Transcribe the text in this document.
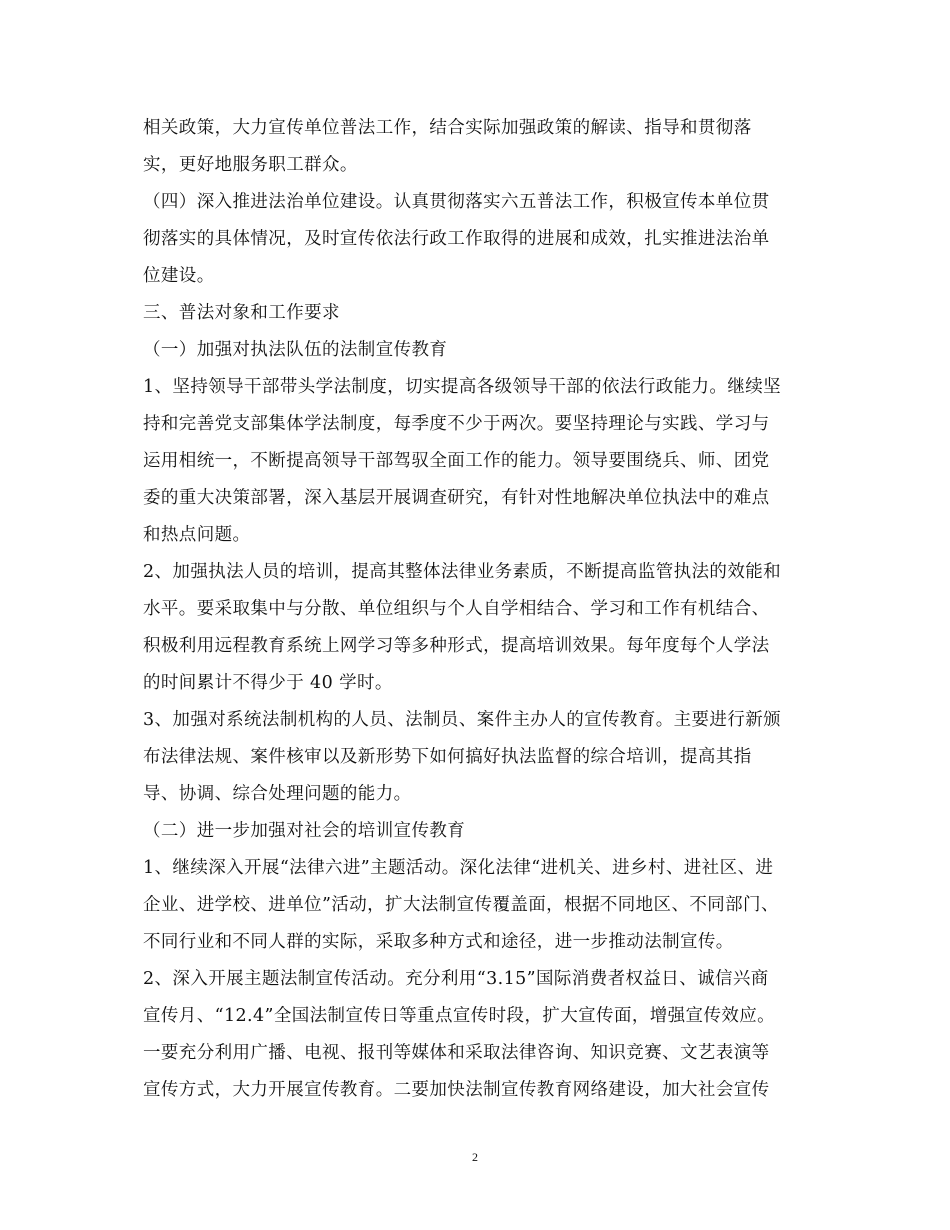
相关政策，大力宣传单位普法工作，结合实际加强政策的解读、指导和贯彻落
实，更好地服务职工群众。
（四）深入推进法治单位建设。认真贯彻落实六五普法工作，积极宣传本单位贯
彻落实的具体情况，及时宣传依法行政工作取得的进展和成效，扎实推进法治单
位建设。
三、普法对象和工作要求
（一）加强对执法队伍的法制宣传教育
1、坚持领导干部带头学法制度，切实提高各级领导干部的依法行政能力。继续坚
持和完善党支部集体学法制度，每季度不少于两次。要坚持理论与实践、学习与
运用相统一，不断提高领导干部驾驭全面工作的能力。领导要围绕兵、师、团党
委的重大决策部署，深入基层开展调查研究，有针对性地解决单位执法中的难点
和热点问题。
2、加强执法人员的培训，提高其整体法律业务素质，不断提高监管执法的效能和
水平。要采取集中与分散、单位组织与个人自学相结合、学习和工作有机结合、
积极利用远程教育系统上网学习等多种形式，提高培训效果。每年度每个人学法
的时间累计不得少于 40 学时。
3、加强对系统法制机构的人员、法制员、案件主办人的宣传教育。主要进行新颁
布法律法规、案件核审以及新形势下如何搞好执法监督的综合培训，提高其指
导、协调、综合处理问题的能力。
（二）进一步加强对社会的培训宣传教育
1、继续深入开展“法律六进”主题活动。深化法律“进机关、进乡村、进社区、进
企业、进学校、进单位”活动，扩大法制宣传覆盖面，根据不同地区、不同部门、
不同行业和不同人群的实际，采取多种方式和途径，进一步推动法制宣传。
2、深入开展主题法制宣传活动。充分利用“3.15”国际消费者权益日、诚信兴商
宣传月、“12.4”全国法制宣传日等重点宣传时段，扩大宣传面，增强宣传效应。
一要充分利用广播、电视、报刊等媒体和采取法律咨询、知识竞赛、文艺表演等
宣传方式，大力开展宣传教育。二要加快法制宣传教育网络建设，加大社会宣传
2
